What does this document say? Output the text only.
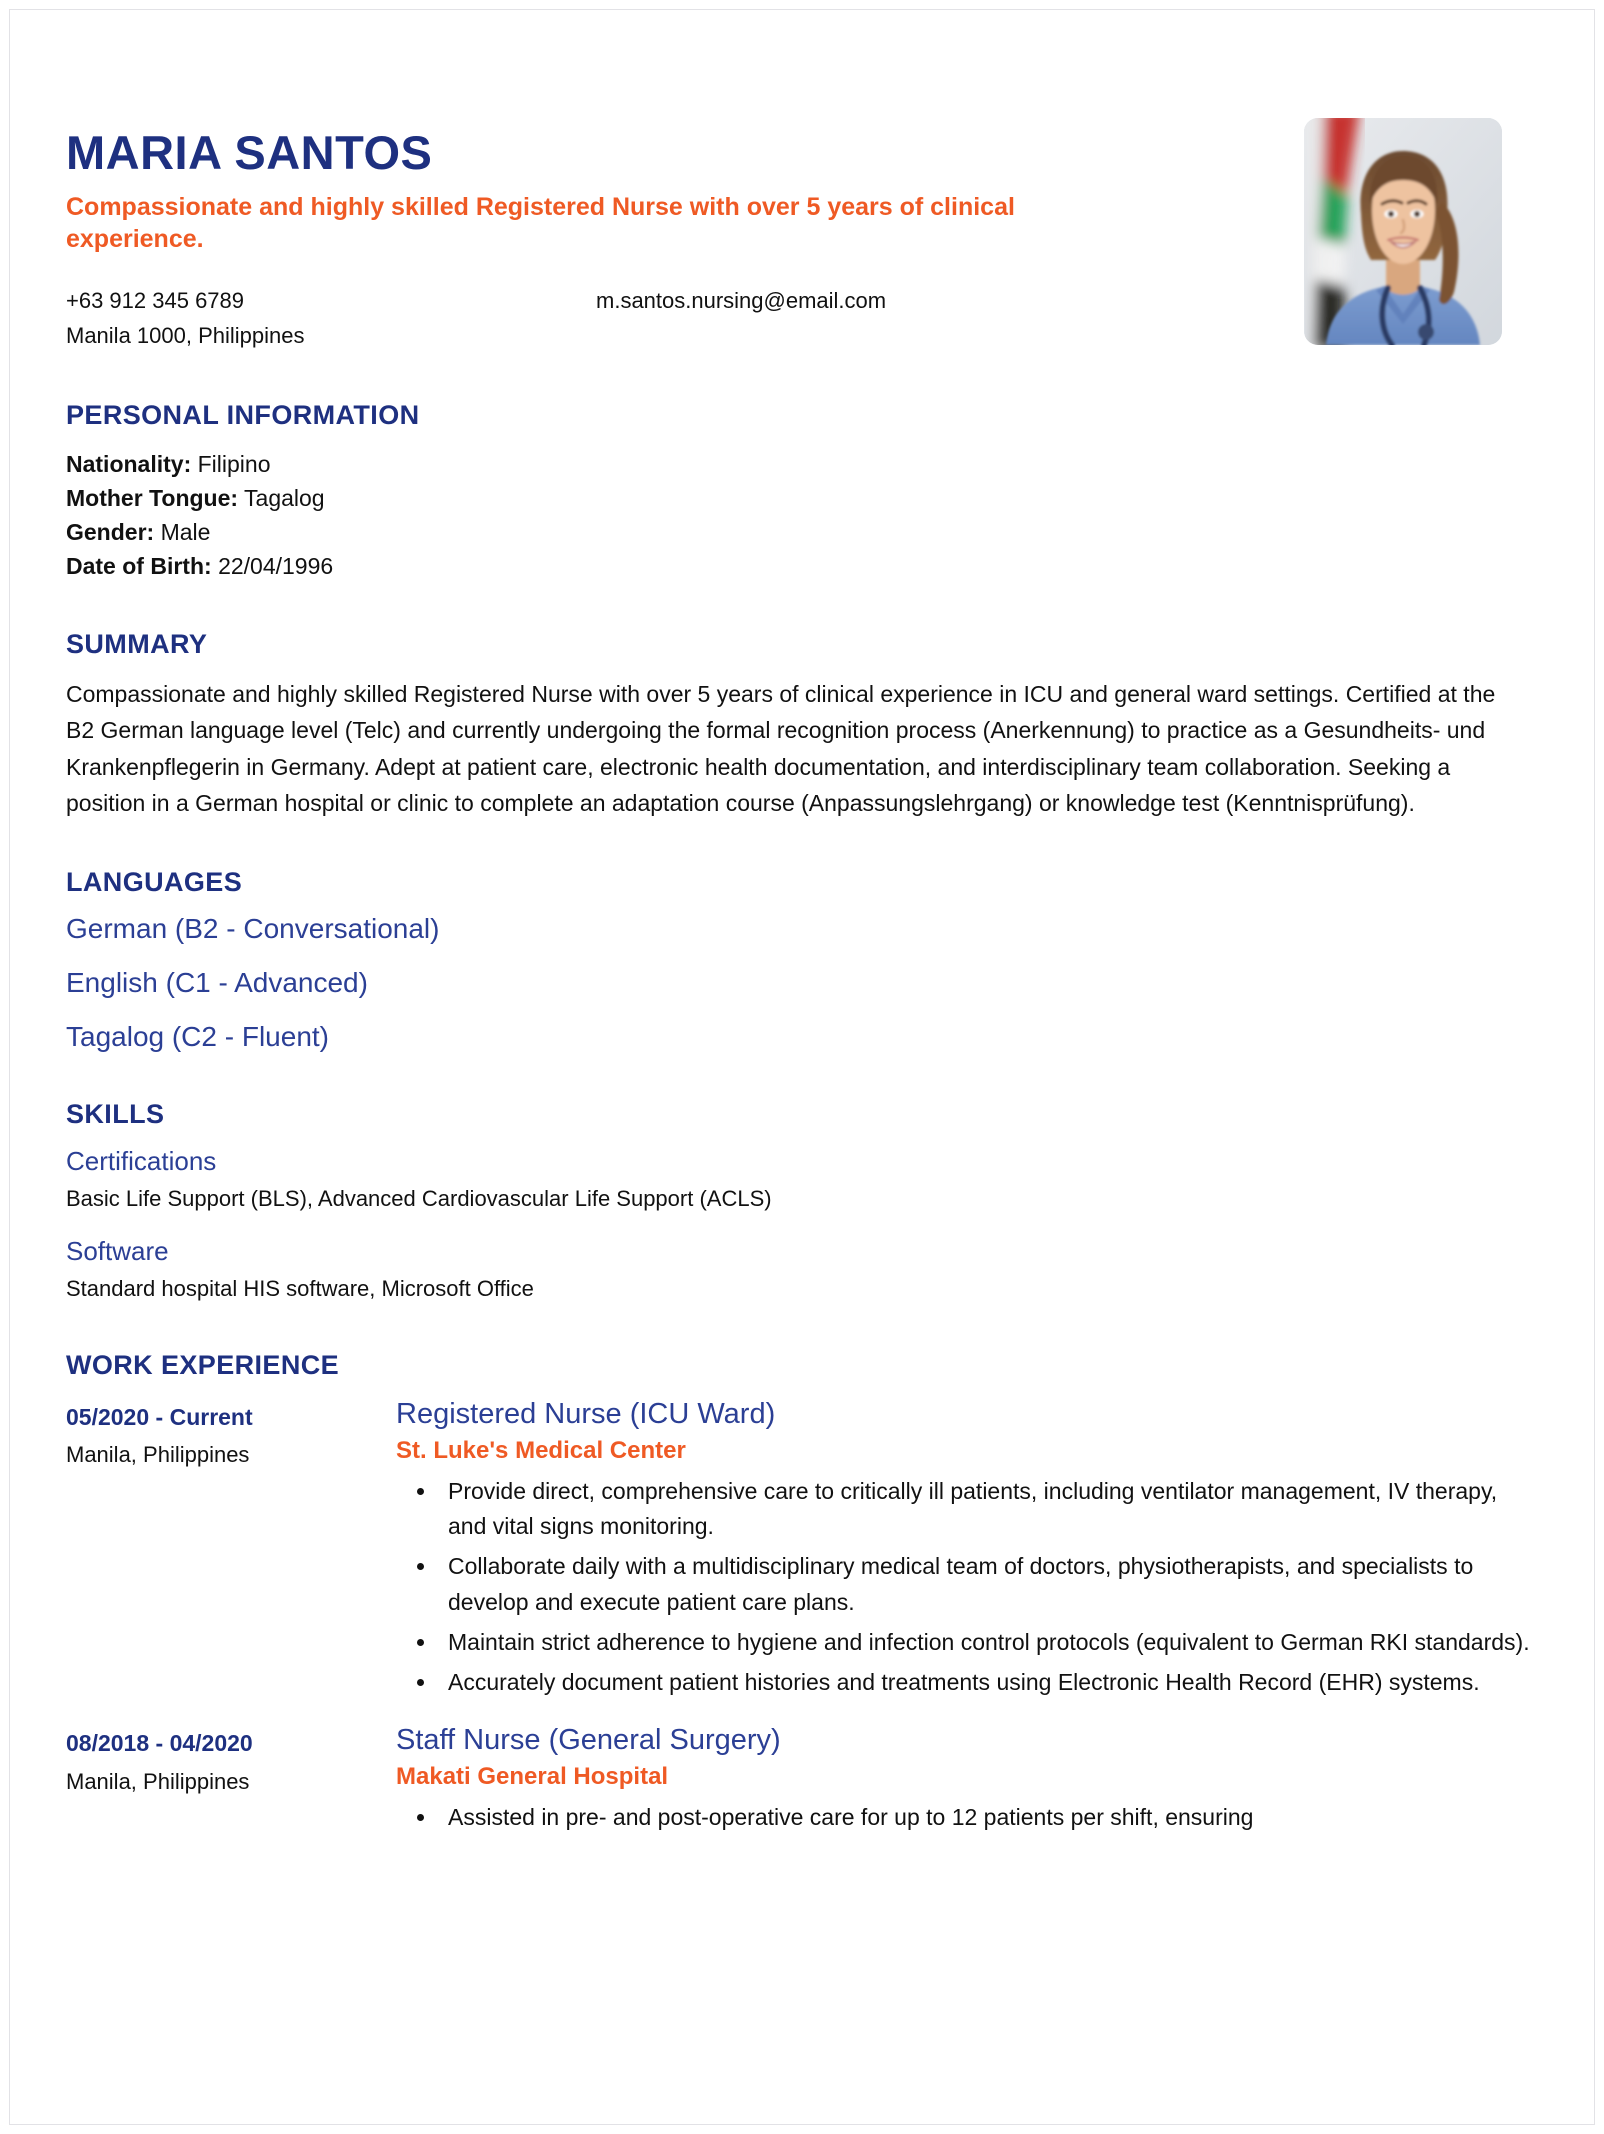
MARIA SANTOS
Compassionate and highly skilled Registered Nurse with over 5 years of clinical experience.
+63 912 345 6789	m.santos.nursing@email.com
Manila 1000, Philippines
PERSONAL INFORMATION
Nationality: Filipino
Mother Tongue: Tagalog
Gender: Male
Date of Birth: 22/04/1996
SUMMARY

Compassionate and highly skilled Registered Nurse with over 5 years of clinical experience in ICU and general ward settings. Certified at the B2 German language level (Telc) and currently undergoing the formal recognition process (Anerkennung) to practice as a Gesundheits- und Krankenpflegerin in Germany. Adept at patient care, electronic health documentation, and interdisciplinary team collaboration. Seeking a position in a German hospital or clinic to complete an adaptation course (Anpassungslehrgang) or knowledge test (Kenntnisprüfung).

LANGUAGES
German (B2 - Conversational)
English (C1 - Advanced)
Tagalog (C2 - Fluent)
SKILLS
Certifications
Basic Life Support (BLS), Advanced Cardiovascular Life Support (ACLS)
Software
Standard hospital HIS software, Microsoft Office
WORK EXPERIENCE
05/2020 - Current
Manila, Philippines
Registered Nurse (ICU Ward)
St. Luke's Medical Center
• Provide direct, comprehensive care to critically ill patients, including ventilator management, IV therapy, and vital signs monitoring.
• Collaborate daily with a multidisciplinary medical team of doctors, physiotherapists, and specialists to develop and execute patient care plans.
• Maintain strict adherence to hygiene and infection control protocols (equivalent to German RKI standards).
• Accurately document patient histories and treatments using Electronic Health Record (EHR) systems.
08/2018 - 04/2020
Manila, Philippines
Staff Nurse (General Surgery)
Makati General Hospital
• Assisted in pre- and post-operative care for up to 12 patients per shift, ensuring
